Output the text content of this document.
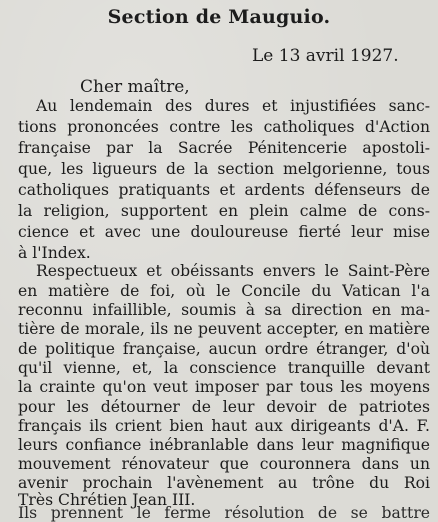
Section de Mauguio.
Le 13 avril 1927.
Cher maître,
Au lendemain des dures et injustifiées sanc-
tions prononcées contre les catholiques d'Action
française par la Sacrée Pénitencerie apostoli-
que, les ligueurs de la section melgorienne, tous
catholiques pratiquants et ardents défenseurs de
la religion, supportent en plein calme de cons-
cience et avec une douloureuse fierté leur mise
à l'Index.
Respectueux et obéissants envers le Saint-Père
en matière de foi, où le Concile du Vatican l'a
reconnu infaillible, soumis à sa direction en ma-
tière de morale, ils ne peuvent accepter, en matière
de politique française, aucun ordre étranger, d'où
qu'il vienne, et, la conscience tranquille devant
la crainte qu'on veut imposer par tous les moyens
pour les détourner de leur devoir de patriotes
français ils crient bien haut aux dirigeants d'A. F.
leurs confiance inébranlable dans leur magnifique
mouvement rénovateur que couronnera dans un
avenir prochain l'avènement au trône du Roi
Très Chrétien Jean III.
Ils prennent le ferme résolution de se battre
